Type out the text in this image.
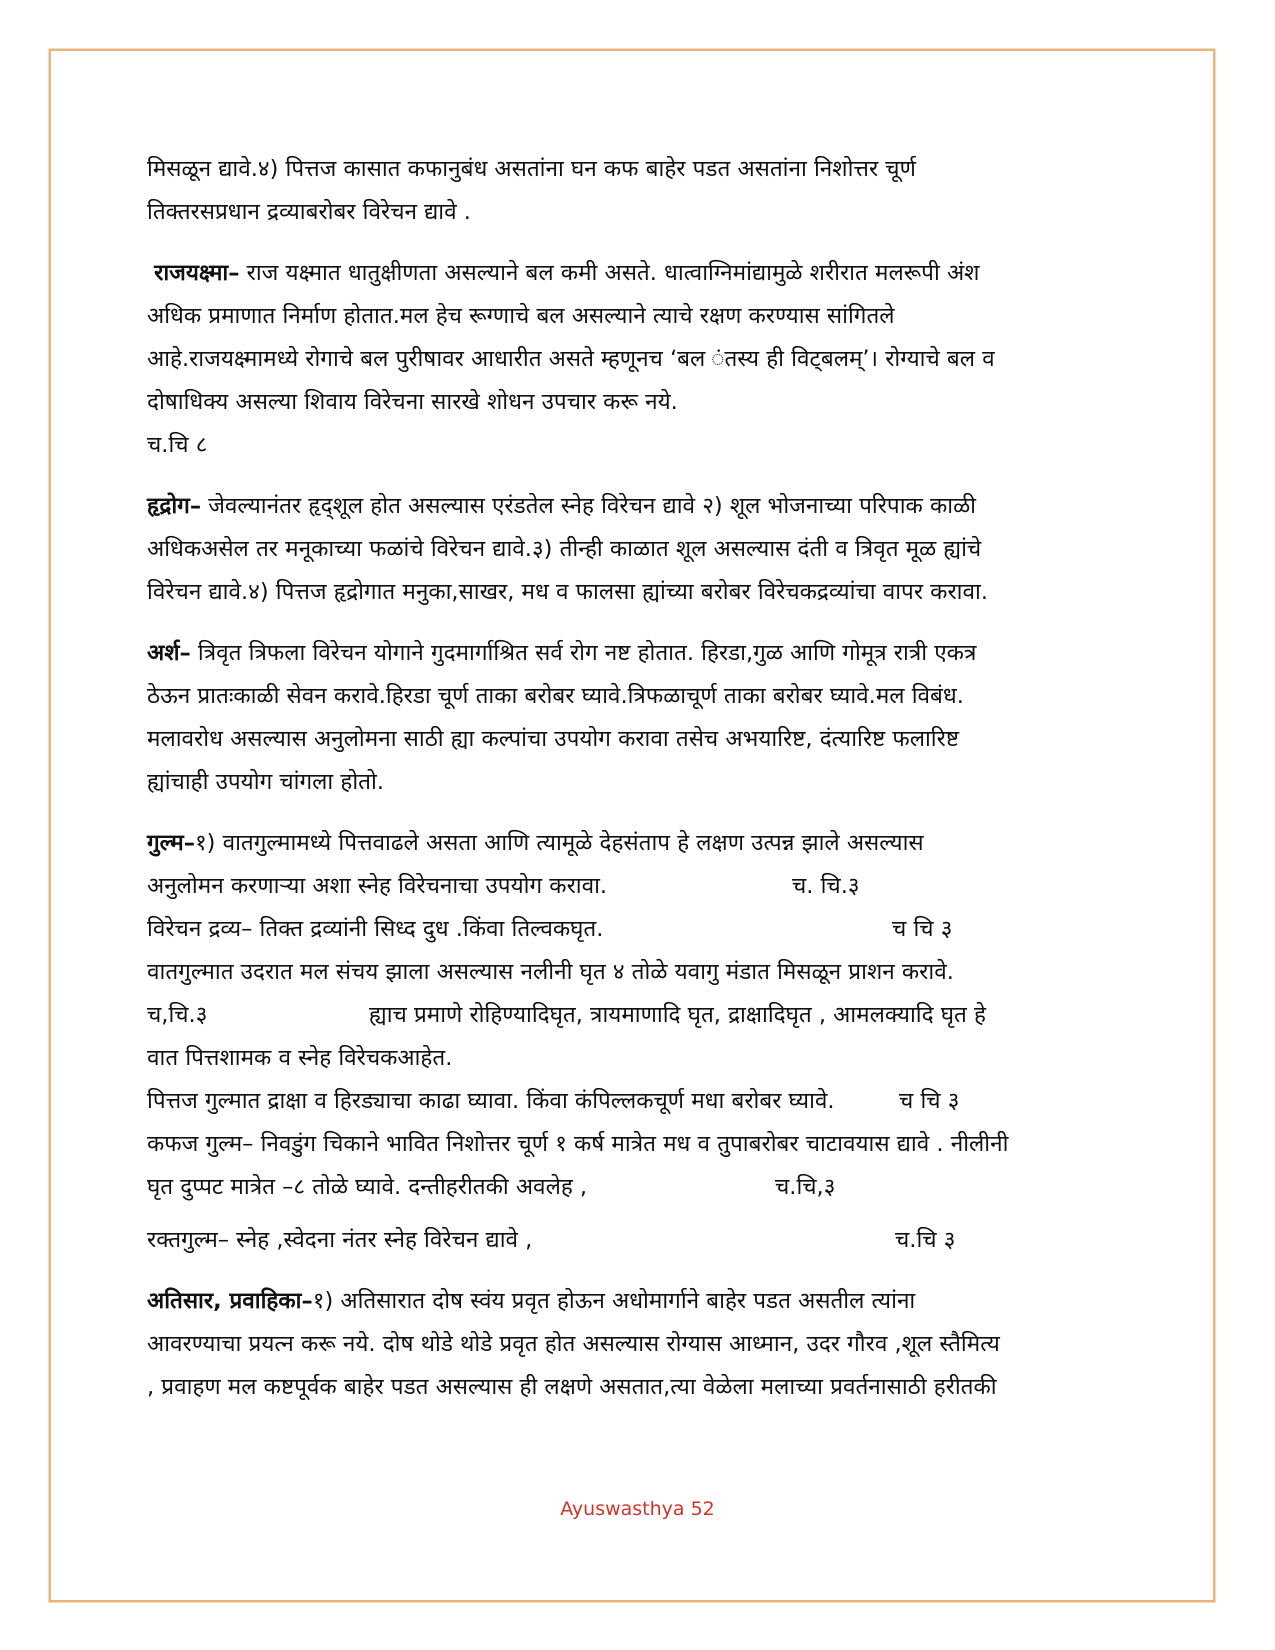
मिसळून द्यावे.४) पित्तज कासात कफानुबंध असतांना घन कफ बाहेर पडत असतांना निशोत्तर चूर्ण
तिक्तरसप्रधान द्रव्याबरोबर विरेचन द्यावे .
राजयक्ष्मा– राज यक्ष्मात धातुक्षीणता असल्याने बल कमी असते. धात्वाग्निमांद्यामुळे शरीरात मलरूपी अंश
अधिक प्रमाणात निर्माण होतात.मल हेच रूग्णाचे बल असल्याने त्याचे रक्षण करण्यास सांगितले
आहे.राजयक्ष्मामध्ये रोगाचे बल पुरीषावर आधारीत असते म्हणूनच ‘बल ंतस्य ही विट्बलम्’। रोग्याचे बल व
दोषाधिक्य असल्या शिवाय विरेचना सारखे शोधन उपचार करू नये.
च.चि ८
हृद्रोग– जेवल्यानंतर हृद्शूल होत असल्यास एरंडतेल स्नेह विरेचन द्यावे २) शूल भोजनाच्या परिपाक काळी
अधिकअसेल तर मनूकाच्या फळांचे विरेचन द्यावे.३) तीन्ही काळात शूल असल्यास दंती व त्रिवृत मूळ ह्यांचे
विरेचन द्यावे.४) पित्तज हृद्रोगात मनुका,साखर, मध व फालसा ह्यांच्या बरोबर विरेचकद्रव्यांचा वापर करावा.
अर्श– त्रिवृत त्रिफला विरेचन योगाने गुदमार्गाश्रित सर्व रोग नष्ट होतात. हिरडा,गुळ आणि गोमूत्र रात्री एकत्र
ठेऊन प्रातःकाळी सेवन करावे.हिरडा चूर्ण ताका बरोबर घ्यावे.त्रिफळाचूर्ण ताका बरोबर घ्यावे.मल विबंध.
मलावरोध असल्यास अनुलोमना साठी ह्या कल्पांचा उपयोग करावा तसेच अभयारिष्ट, दंत्यारिष्ट फलारिष्ट
ह्यांचाही उपयोग चांगला होतो.
गुल्म–१) वातगुल्मामध्ये पित्तवाढले असता आणि त्यामूळे देहसंताप हे लक्षण उत्पन्न झाले असल्यास
अनुलोमन करणाऱ्या अशा स्नेह विरेचनाचा उपयोग करावा.	च. चि.३
विरेचन द्रव्य– तिक्त द्रव्यांनी सिध्द दुध .किंवा तिल्वकघृत.	च चि ३
वातगुल्मात उदरात मल संचय झाला असल्यास नलीनी घृत ४ तोळे यवागु मंडात मिसळून प्राशन करावे.
च,चि.३	ह्याच प्रमाणे रोहिण्यादिघृत, त्रायमाणादि घृत, द्राक्षादिघृत , आमलक्यादि घृत हे
वात पित्तशामक व स्नेह विरेचकआहेत.
पित्तज गुल्मात द्राक्षा व हिरड्याचा काढा घ्यावा. किंवा कंपिल्लकचूर्ण मधा बरोबर घ्यावे.	च चि ३
कफज गुल्म– निवडुंग चिकाने भावित निशोत्तर चूर्ण १ कर्ष मात्रेत मध व तुपाबरोबर चाटावयास द्यावे . नीलीनी
घृत दुप्पट मात्रेत –८ तोळे घ्यावे. दन्तीहरीतकी अवलेह ,	च.चि,३
रक्तगुल्म– स्नेह ,स्वेदना नंतर स्नेह विरेचन द्यावे ,	च.चि ३
अतिसार, प्रवाहिका–१) अतिसारात दोष स्वंय प्रवृत होऊन अधोमार्गाने बाहेर पडत असतील त्यांना
आवरण्याचा प्रयत्न करू नये. दोष थोडे थोडे प्रवृत होत असल्यास रोग्यास आध्मान, उदर गौरव ,शूल स्तैमित्य
, प्रवाहण मल कष्टपूर्वक बाहेर पडत असल्यास ही लक्षणे असतात,त्या वेळेला मलाच्या प्रवर्तनासाठी हरीतकी
Ayuswasthya 52
